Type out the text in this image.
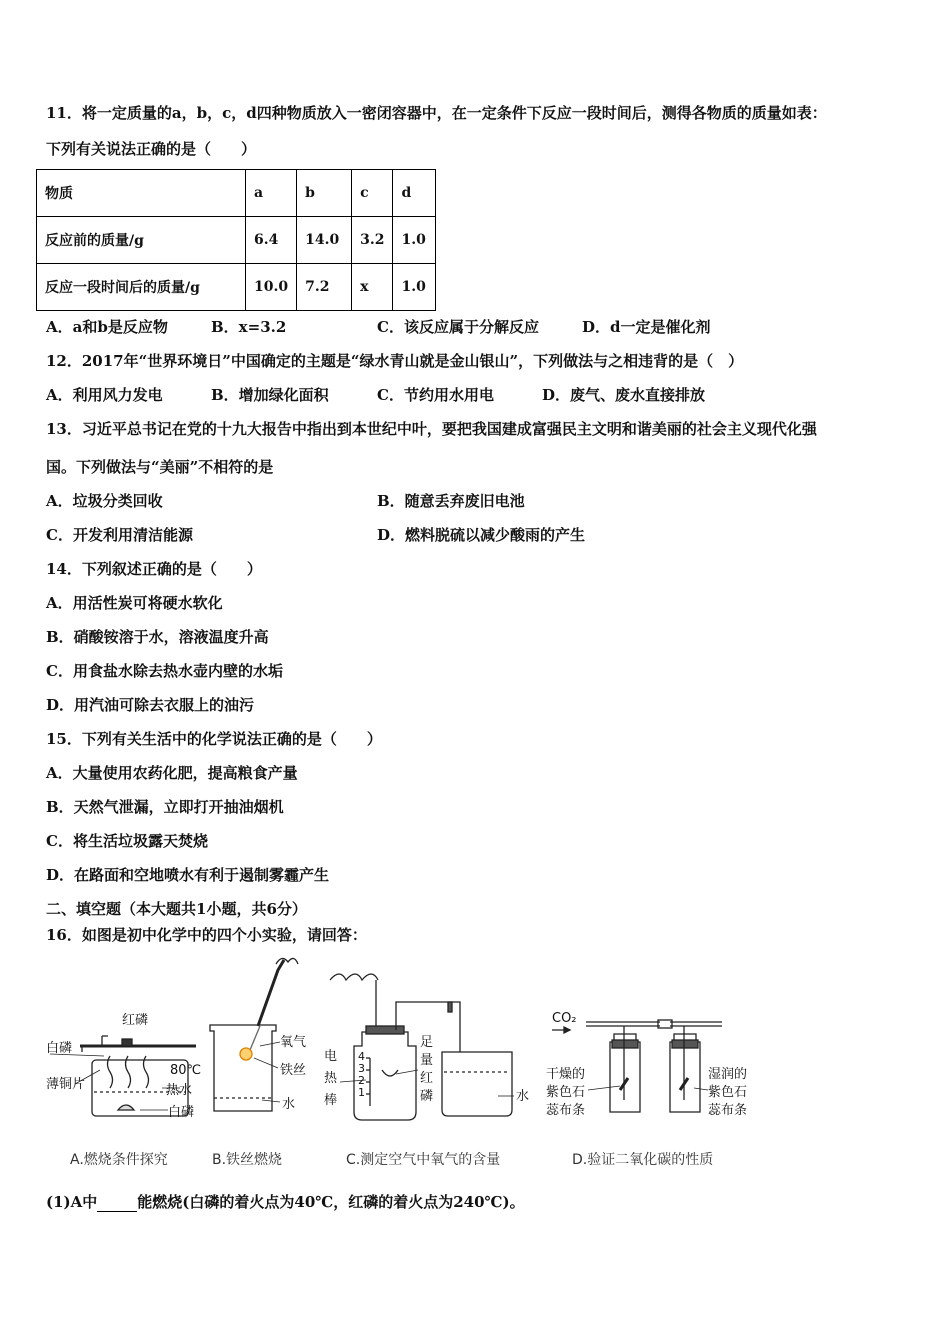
11．将一定质量的a，b，c，d四种物质放入一密闭容器中，在一定条件下反应一段时间后，测得各物质的质量如表：
下列有关说法正确的是（　　）
物质	a	b	c	d
反应前的质量/g	6.4	14.0	3.2	1.0
反应一段时间后的质量/g	10.0	7.2	x	1.0
A．a和b是反应物	B．x=3.2	C．该反应属于分解反应	D．d一定是催化剂
12．2017年“世界环境日”中国确定的主题是“绿水青山就是金山银山”，下列做法与之相违背的是（　）
A．利用风力发电	B．增加绿化面积	C．节约用水用电	D．废气、废水直接排放
13．习近平总书记在党的十九大报告中指出到本世纪中叶，要把我国建成富强民主文明和谐美丽的社会主义现代化强
国。下列做法与“美丽”不相符的是
A．垃圾分类回收	B．随意丢弃废旧电池
C．开发利用清洁能源	D．燃料脱硫以减少酸雨的产生
14．下列叙述正确的是（　　）
A．用活性炭可将硬水软化
B．硝酸铵溶于水，溶液温度升高
C．用食盐水除去热水壶内壁的水垢
D．用汽油可除去衣服上的油污
15．下列有关生活中的化学说法正确的是（　　）
A．大量使用农药化肥，提高粮食产量
B．天然气泄漏，立即打开抽油烟机
C．将生活垃圾露天焚烧
D．在路面和空地喷水有利于遏制雾霾产生
二、填空题（本大题共1小题，共6分）
16．如图是初中化学中的四个小实验，请回答：
红磷
白磷
薄铜片
80℃
热水
白磷
氧气
铁丝
水
电
热
棒
4
3
2
1
足
量
红
磷	水
CO₂
干燥的
紫色石
蕊布条
湿润的
紫色石
蕊布条
A.燃烧条件探究	B.铁丝燃烧	C.测定空气中氧气的含量	D.验证二氧化碳的性质
(1)A中	能燃烧(白磷的着火点为40℃，红磷的着火点为240℃)。
